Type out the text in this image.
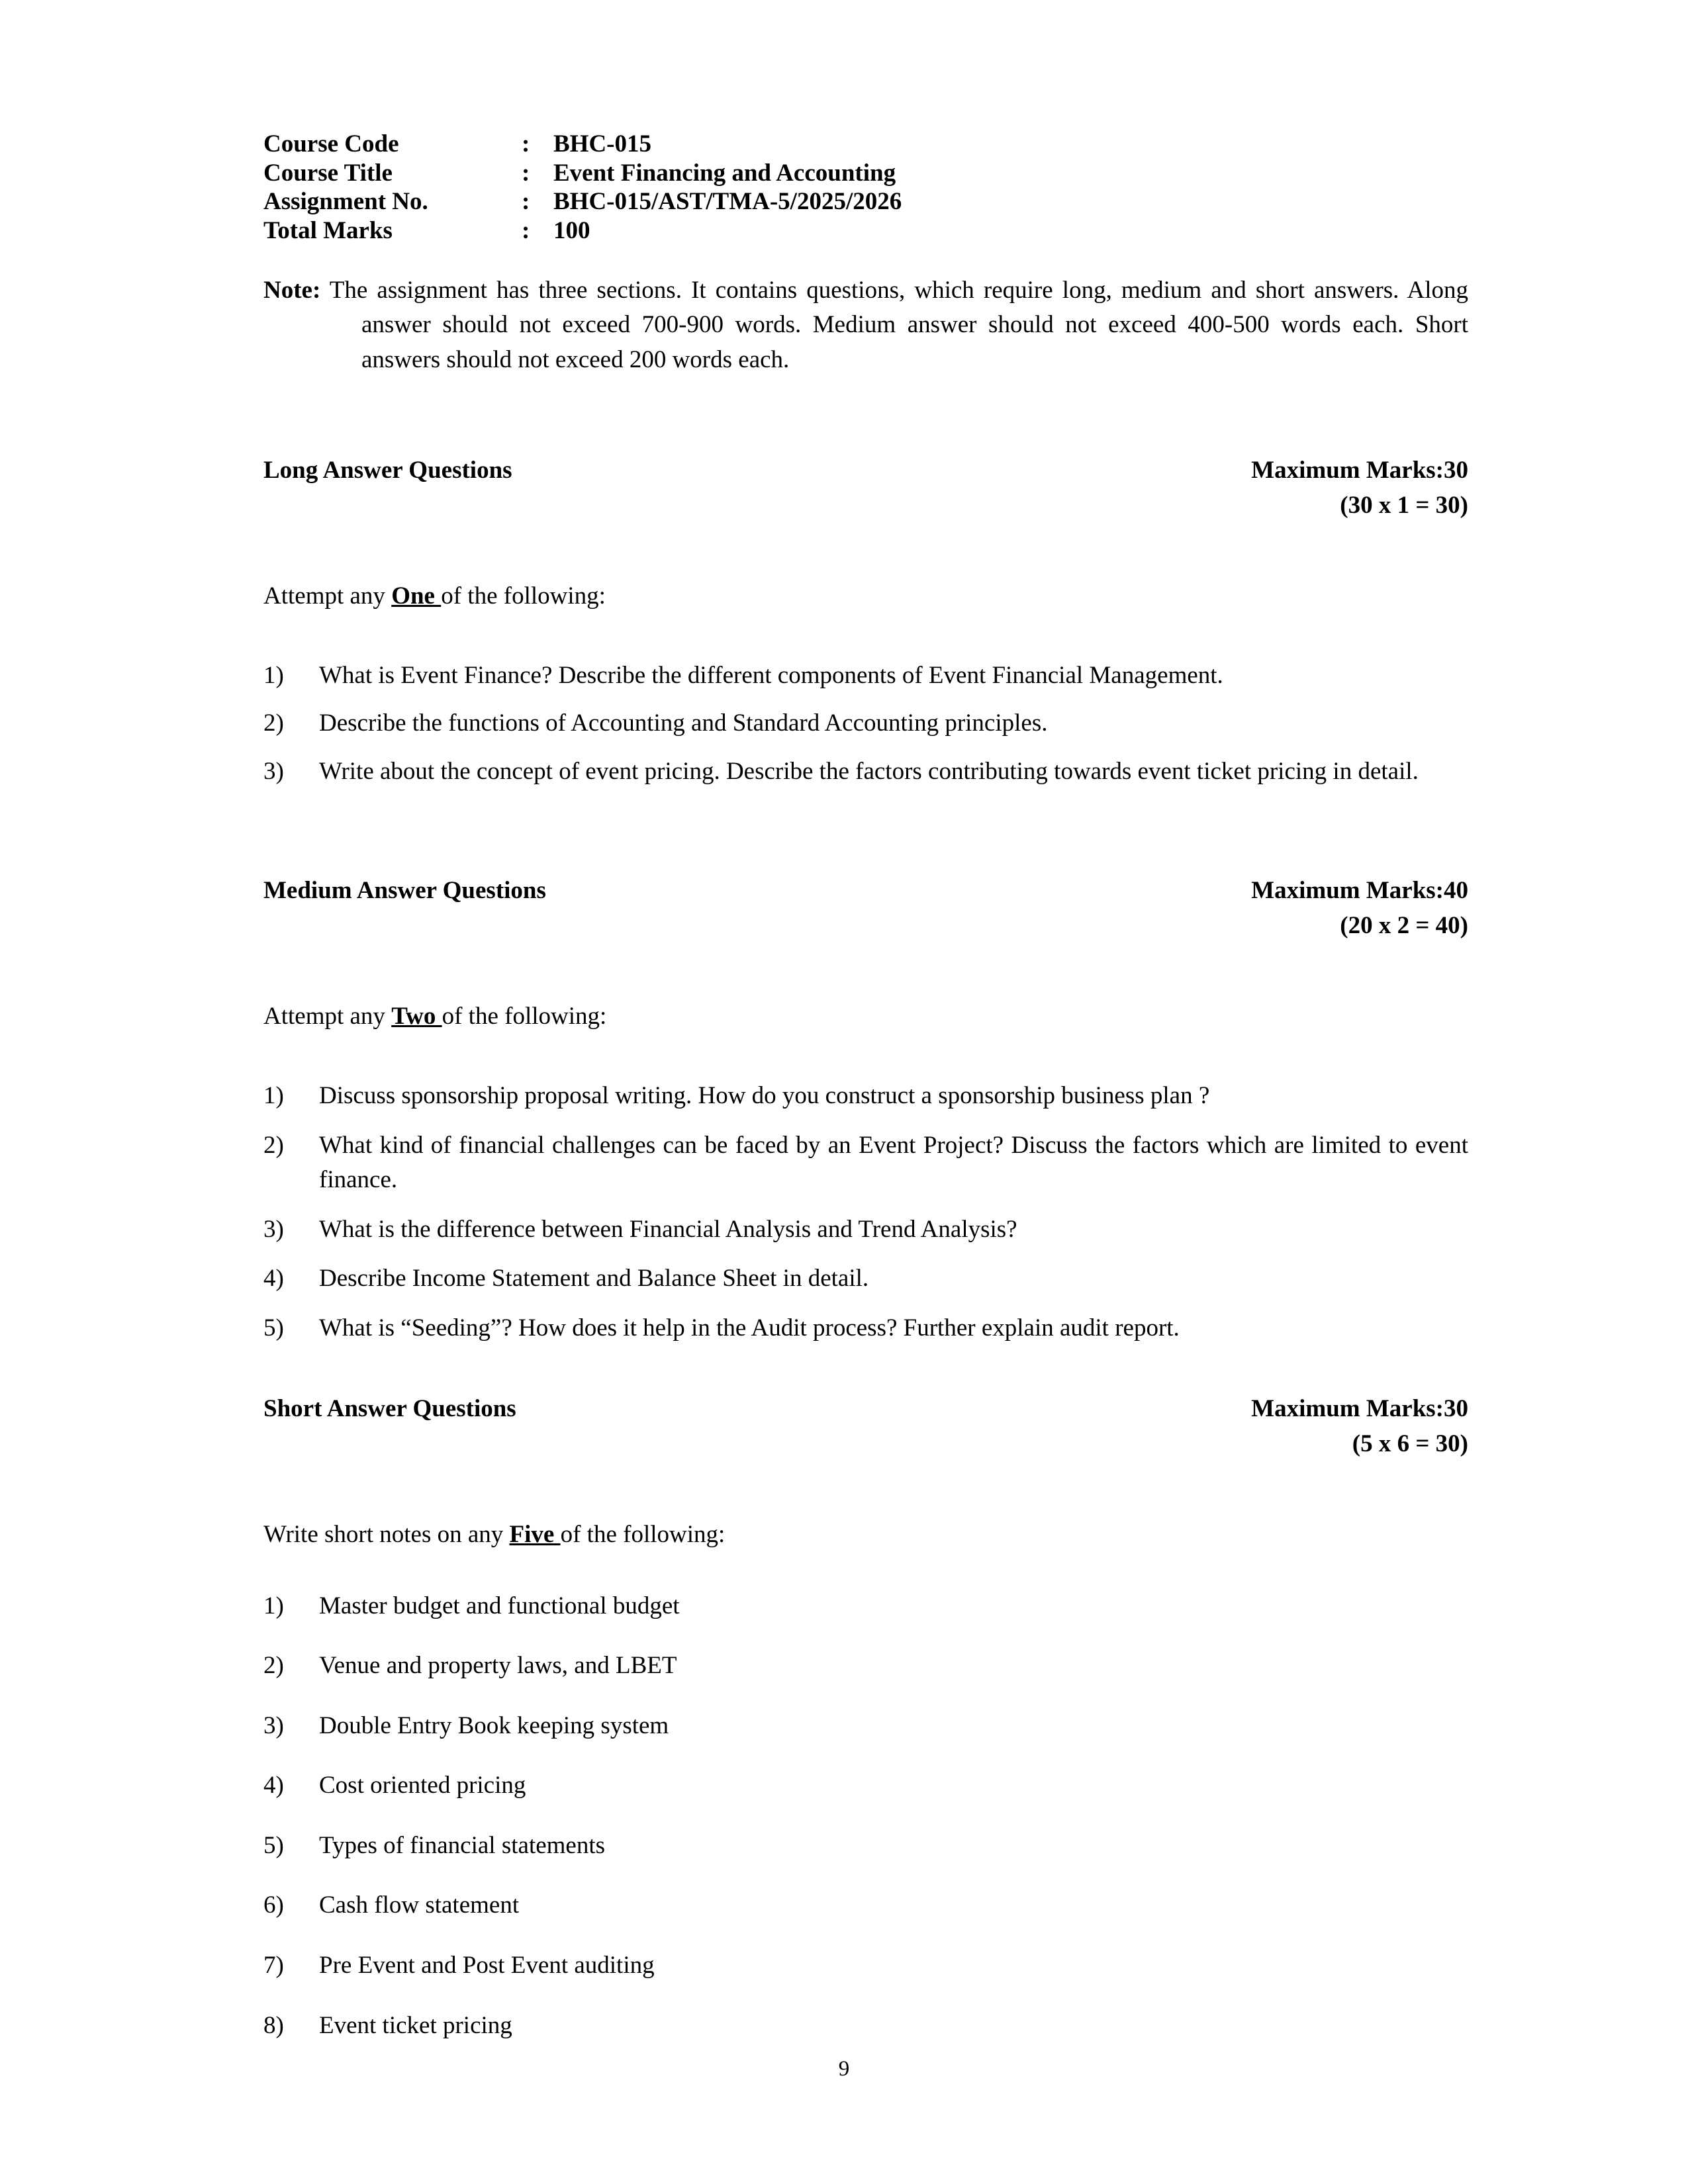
Course Code	:	BHC-015
Course Title	:	Event Financing and Accounting
Assignment No.	:	BHC-015/AST/TMA-5/2025/2026
Total Marks	:	100

Note: The assignment has three sections. It contains questions, which require long, medium and short answers. Along answer should not exceed 700-900 words. Medium answer should not exceed 400-500 words each. Short answers should not exceed 200 words each.

Long Answer Questions	Maximum Marks:30
(30 x 1 = 30)

Attempt any One of the following:

1)	What is Event Finance? Describe the different components of Event Financial Management.
2)	Describe the functions of Accounting and Standard Accounting principles.
3)	Write about the concept of event pricing. Describe the factors contributing towards event ticket pricing in detail.
Medium Answer Questions	Maximum Marks:40
(20 x 2 = 40)

Attempt any Two of the following:

1)	Discuss sponsorship proposal writing. How do you construct a sponsorship business plan ?
2)	What kind of financial challenges can be faced by an Event Project? Discuss the factors which are limited to event finance.
3)	What is the difference between Financial Analysis and Trend Analysis?
4)	Describe Income Statement and Balance Sheet in detail.
5)	What is “Seeding”? How does it help in the Audit process? Further explain audit report.
Short Answer Questions	Maximum Marks:30
(5 x 6 = 30)

Write short notes on any Five of the following:

1)	Master budget and functional budget
2)	Venue and property laws, and LBET
3)	Double Entry Book keeping system
4)	Cost oriented pricing
5)	Types of financial statements
6)	Cash flow statement
7)	Pre Event and Post Event auditing
8)	Event ticket pricing
9
